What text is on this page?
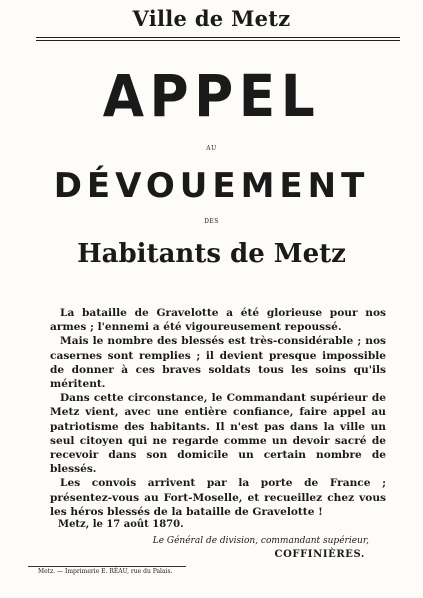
Ville de Metz
APPEL
AU
DÉVOUEMENT
DES
Habitants de Metz

La bataille de Gravelotte a été glorieuse pour nos armes ; l'ennemi a été vigoureusement repoussé.

Mais le nombre des blessés est très-considérable ; nos casernes sont remplies ; il devient presque impossible de donner à ces braves soldats tous les soins qu'ils méritent.

Dans cette circonstance, le Commandant supérieur de Metz vient, avec une entière confiance, faire appel au patriotisme des habitants. Il n'est pas dans la ville un seul citoyen qui ne regarde comme un devoir sacré de recevoir dans son domicile un certain nombre de blessés.

Les convois arrivent par la porte de France ; présentez-vous au Fort-Moselle, et recueillez chez vous les héros blessés de la bataille de Gravelotte !

Metz, le 17 août 1870.
Le Général de division, commandant supérieur,
COFFINIÈRES.
Metz. — Imprimerie E. RÉAU, rue du Palais.
